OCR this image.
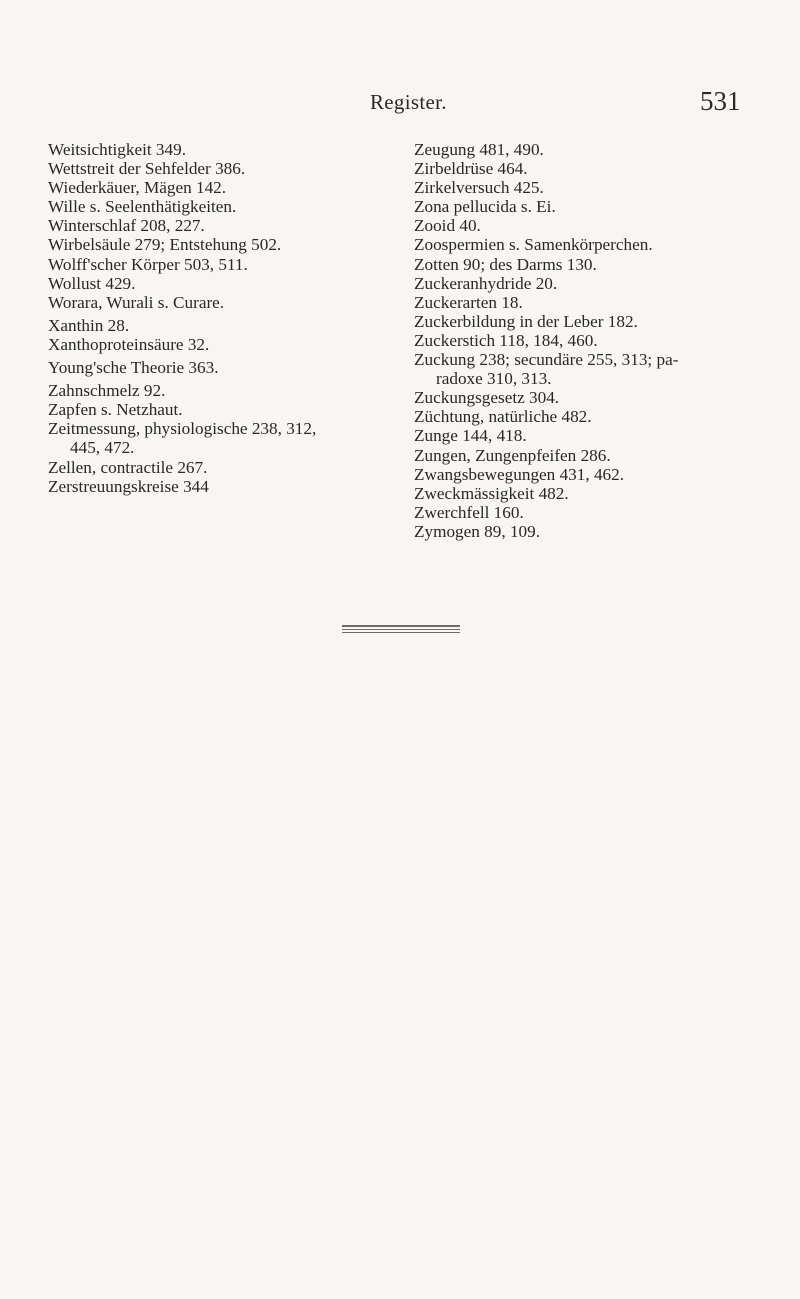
Register.	531
Weitsichtigkeit 349.
Wettstreit der Sehfelder 386.
Wiederkäuer, Mägen 142.
Wille s. Seelenthätigkeiten.
Winterschlaf 208, 227.
Wirbelsäule 279; Entstehung 502.
Wolff'scher Körper 503, 511.
Wollust 429.
Worara, Wurali s. Curare.
Xanthin 28.
Xanthoproteinsäure 32.
Young'sche Theorie 363.
Zahnschmelz 92.
Zapfen s. Netzhaut.
Zeitmessung, physiologische 238, 312,
445, 472.
Zellen, contractile 267.
Zerstreuungskreise 344
Zeugung 481, 490.
Zirbeldrüse 464.
Zirkelversuch 425.
Zona pellucida s. Ei.
Zooid 40.
Zoospermien s. Samenkörperchen.
Zotten 90; des Darms 130.
Zuckeranhydride 20.
Zuckerarten 18.
Zuckerbildung in der Leber 182.
Zuckerstich 118, 184, 460.
Zuckung 238; secundäre 255, 313; pa-
radoxe 310, 313.
Zuckungsgesetz 304.
Züchtung, natürliche 482.
Zunge 144, 418.
Zungen, Zungenpfeifen 286.
Zwangsbewegungen 431, 462.
Zweckmässigkeit 482.
Zwerchfell 160.
Zymogen 89, 109.
